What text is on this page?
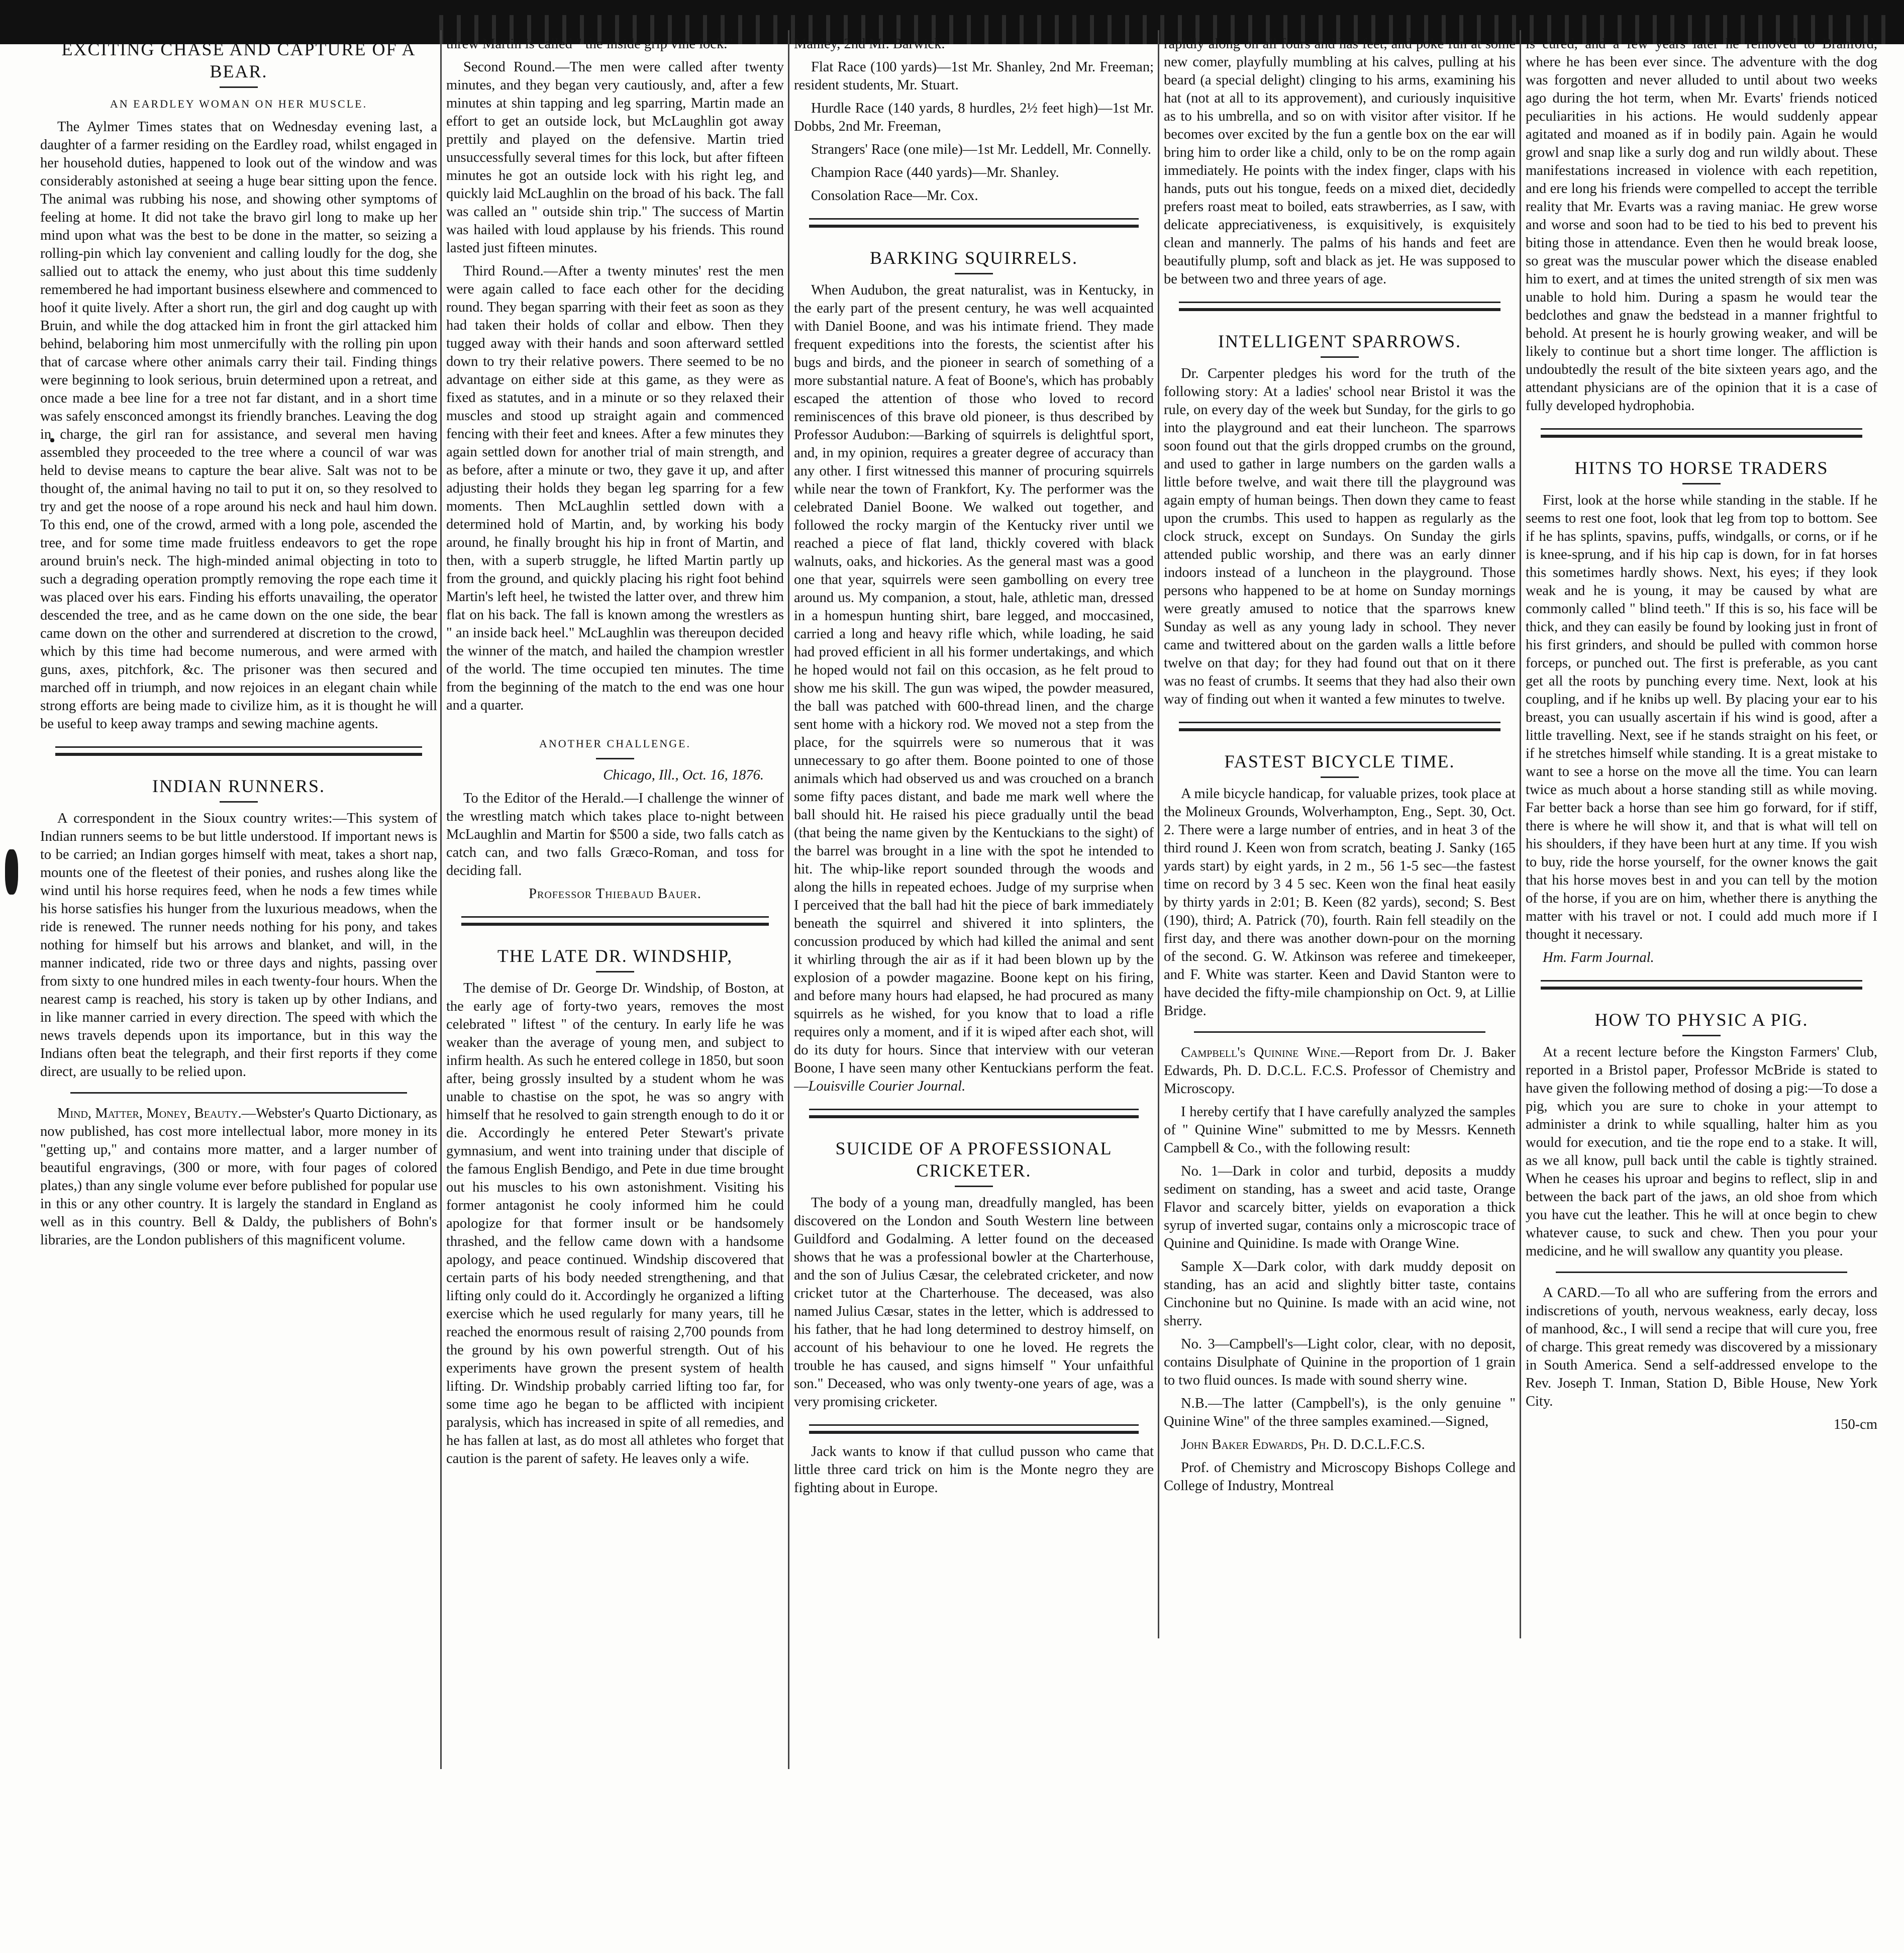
EXCITING CHASE AND CAPTURE OF A BEAR.
AN EARDLEY WOMAN ON HER MUSCLE.

The Aylmer Times states that on Wednesday evening last, a daughter of a farmer residing on the Eardley road, whilst engaged in her household duties, happened to look out of the window and was considerably astonished at seeing a huge bear sitting upon the fence. The animal was rubbing his nose, and showing other symptoms of feeling at home. It did not take the bravo girl long to make up her mind upon what was the best to be done in the matter, so seizing a rolling-pin which lay convenient and calling loudly for the dog, she sallied out to attack the enemy, who just about this time suddenly remembered he had important business elsewhere and commenced to hoof it quite lively. After a short run, the girl and dog caught up with Bruin, and while the dog attacked him in front the girl attacked him behind, belaboring him most unmercifully with the rolling pin upon that of carcase where other animals carry their tail. Finding things were beginning to look serious, bruin determined upon a retreat, and once made a bee line for a tree not far distant, and in a short time was safely ensconced amongst its friendly branches. Leaving the dog in charge, the girl ran for assistance, and several men having assembled they proceeded to the tree where a council of war was held to devise means to capture the bear alive. Salt was not to be thought of, the animal having no tail to put it on, so they resolved to try and get the noose of a rope around his neck and haul him down. To this end, one of the crowd, armed with a long pole, ascended the tree, and for some time made fruitless endeavors to get the rope around bruin's neck. The high-minded animal objecting in toto to such a degrading operation promptly removing the rope each time it was placed over his ears. Finding his efforts unavailing, the operator descended the tree, and as he came down on the one side, the bear came down on the other and surrendered at discretion to the crowd, which by this time had become numerous, and were armed with guns, axes, pitchfork, &c. The prisoner was then secured and marched off in triumph, and now rejoices in an elegant chain while strong efforts are being made to civilize him, as it is thought he will be useful to keep away tramps and sewing machine agents.

INDIAN RUNNERS.

A correspondent in the Sioux country writes:—This system of Indian runners seems to be but little understood. If important news is to be carried; an Indian gorges himself with meat, takes a short nap, mounts one of the fleetest of their ponies, and rushes along like the wind until his horse requires feed, when he nods a few times while his horse satisfies his hunger from the luxurious meadows, when the ride is renewed. The runner needs nothing for his pony, and takes nothing for himself but his arrows and blanket, and will, in the manner indicated, ride two or three days and nights, passing over from sixty to one hundred miles in each twenty-four hours. When the nearest camp is reached, his story is taken up by other Indians, and in like manner carried in every direction. The speed with which the news travels depends upon its importance, but in this way the Indians often beat the telegraph, and their first reports if they come direct, are usually to be relied upon.

Mind, Matter, Money, Beauty.—Webster's Quarto Dictionary, as now published, has cost more intellectual labor, more money in its "getting up," and contains more matter, and a larger number of beautiful engravings, (300 or more, with four pages of colored plates,) than any single volume ever before published for popular use in this or any other country. It is largely the standard in England as well as in this country. Bell & Daldy, the publishers of Bohn's libraries, are the London publishers of this magnificent volume.

threw Martin is called " the inside grip vine lock."

Second Round.—The men were called after twenty minutes, and they began very cautiously, and, after a few minutes at shin tapping and leg sparring, Martin made an effort to get an outside lock, but McLaughlin got away prettily and played on the defensive. Martin tried unsuccessfully several times for this lock, but after fifteen minutes he got an outside lock with his right leg, and quickly laid McLaughlin on the broad of his back. The fall was called an " outside shin trip." The success of Martin was hailed with loud applause by his friends. This round lasted just fifteen minutes.

Third Round.—After a twenty minutes' rest the men were again called to face each other for the deciding round. They began sparring with their feet as soon as they had taken their holds of collar and elbow. Then they tugged away with their hands and soon afterward settled down to try their relative powers. There seemed to be no advantage on either side at this game, as they were as fixed as statutes, and in a minute or so they relaxed their muscles and stood up straight again and commenced fencing with their feet and knees. After a few minutes they again settled down for another trial of main strength, and as before, after a minute or two, they gave it up, and after adjusting their holds they began leg sparring for a few moments. Then McLaughlin settled down with a determined hold of Martin, and, by working his body around, he finally brought his hip in front of Martin, and then, with a superb struggle, he lifted Martin partly up from the ground, and quickly placing his right foot behind Martin's left heel, he twisted the latter over, and threw him flat on his back. The fall is known among the wrestlers as " an inside back heel." McLaughlin was thereupon decided the winner of the match, and hailed the champion wrestler of the world. The time occupied ten minutes. The time from the beginning of the match to the end was one hour and a quarter.

ANOTHER CHALLENGE.
Chicago, Ill., Oct. 16, 1876.

To the Editor of the Herald.—I challenge the winner of the wrestling match which takes place to-night between McLaughlin and Martin for $500 a side, two falls catch as catch can, and two falls Græco-Roman, and toss for deciding fall.

Professor Thiebaud Bauer.
THE LATE DR. WINDSHIP,

The demise of Dr. George Dr. Windship, of Boston, at the early age of forty-two years, removes the most celebrated " liftest " of the century. In early life he was weaker than the average of young men, and subject to infirm health. As such he entered college in 1850, but soon after, being grossly insulted by a student whom he was unable to chastise on the spot, he was so angry with himself that he resolved to gain strength enough to do it or die. Accordingly he entered Peter Stewart's private gymnasium, and went into training under that disciple of the famous English Bendigo, and Pete in due time brought out his muscles to his own astonishment. Visiting his former antagonist he cooly informed him he could apologize for that former insult or be handsomely thrashed, and the fellow came down with a handsome apology, and peace continued. Windship discovered that certain parts of his body needed strengthening, and that lifting only could do it. Accordingly he organized a lifting exercise which he used regularly for many years, till he reached the enormous result of raising 2,700 pounds from the ground by his own powerful strength. Out of his experiments have grown the present system of health lifting. Dr. Windship probably carried lifting too far, for some time ago he began to be afflicted with incipient paralysis, which has increased in spite of all remedies, and he has fallen at last, as do most all athletes who forget that caution is the parent of safety. He leaves only a wife.

Manley, 2nd Mr. Barwick.

Flat Race (100 yards)—1st Mr. Shanley, 2nd Mr. Freeman; resident students, Mr. Stuart.

Hurdle Race (140 yards, 8 hurdles, 2½ feet high)—1st Mr. Dobbs, 2nd Mr. Freeman,

Strangers' Race (one mile)—1st Mr. Leddell, Mr. Connelly.

Champion Race (440 yards)—Mr. Shanley.

Consolation Race—Mr. Cox.

BARKING SQUIRRELS.

When Audubon, the great naturalist, was in Kentucky, in the early part of the present century, he was well acquainted with Daniel Boone, and was his intimate friend. They made frequent expeditions into the forests, the scientist after his bugs and birds, and the pioneer in search of something of a more substantial nature. A feat of Boone's, which has probably escaped the attention of those who loved to record reminiscences of this brave old pioneer, is thus described by Professor Audubon:—Barking of squirrels is delightful sport, and, in my opinion, requires a greater degree of accuracy than any other. I first witnessed this manner of procuring squirrels while near the town of Frankfort, Ky. The performer was the celebrated Daniel Boone. We walked out together, and followed the rocky margin of the Kentucky river until we reached a piece of flat land, thickly covered with black walnuts, oaks, and hickories. As the general mast was a good one that year, squirrels were seen gambolling on every tree around us. My companion, a stout, hale, athletic man, dressed in a homespun hunting shirt, bare legged, and moccasined, carried a long and heavy rifle which, while loading, he said had proved efficient in all his former undertakings, and which he hoped would not fail on this occasion, as he felt proud to show me his skill. The gun was wiped, the powder measured, the ball was patched with 600-thread linen, and the charge sent home with a hickory rod. We moved not a step from the place, for the squirrels were so numerous that it was unnecessary to go after them. Boone pointed to one of those animals which had observed us and was crouched on a branch some fifty paces distant, and bade me mark well where the ball should hit. He raised his piece gradually until the bead (that being the name given by the Kentuckians to the sight) of the barrel was brought in a line with the spot he intended to hit. The whip-like report sounded through the woods and along the hills in repeated echoes. Judge of my surprise when I perceived that the ball had hit the piece of bark immediately beneath the squirrel and shivered it into splinters, the concussion produced by which had killed the animal and sent it whirling through the air as if it had been blown up by the explosion of a powder magazine. Boone kept on his firing, and before many hours had elapsed, he had procured as many squirrels as he wished, for you know that to load a rifle requires only a moment, and if it is wiped after each shot, will do its duty for hours. Since that interview with our veteran Boone, I have seen many other Kentuckians perform the feat.—Louisville Courier Journal.

SUICIDE OF A PROFESSIONAL CRICKETER.

The body of a young man, dreadfully mangled, has been discovered on the London and South Western line between Guildford and Godalming. A letter found on the deceased shows that he was a professional bowler at the Charterhouse, and the son of Julius Cæsar, the celebrated cricketer, and now cricket tutor at the Charterhouse. The deceased, was also named Julius Cæsar, states in the letter, which is addressed to his father, that he had long determined to destroy himself, on account of his behaviour to one he loved. He regrets the trouble he has caused, and signs himself " Your unfaithful son." Deceased, who was only twenty-one years of age, was a very promising cricketer.

Jack wants to know if that cullud pusson who came that little three card trick on him is the Monte negro they are fighting about in Europe.

rapidly along on all fours and has feet, and poke fun at some new comer, playfully mumbling at his calves, pulling at his beard (a special delight) clinging to his arms, examining his hat (not at all to its approvement), and curiously inquisitive as to his umbrella, and so on with visitor after visitor. If he becomes over excited by the fun a gentle box on the ear will bring him to order like a child, only to be on the romp again immediately. He points with the index finger, claps with his hands, puts out his tongue, feeds on a mixed diet, decidedly prefers roast meat to boiled, eats strawberries, as I saw, with delicate appreciativeness, is exquisitively, is exquisitely clean and mannerly. The palms of his hands and feet are beautifully plump, soft and black as jet. He was supposed to be between two and three years of age.

INTELLIGENT SPARROWS.

Dr. Carpenter pledges his word for the truth of the following story: At a ladies' school near Bristol it was the rule, on every day of the week but Sunday, for the girls to go into the playground and eat their luncheon. The sparrows soon found out that the girls dropped crumbs on the ground, and used to gather in large numbers on the garden walls a little before twelve, and wait there till the playground was again empty of human beings. Then down they came to feast upon the crumbs. This used to happen as regularly as the clock struck, except on Sundays. On Sunday the girls attended public worship, and there was an early dinner indoors instead of a luncheon in the playground. Those persons who happened to be at home on Sunday mornings were greatly amused to notice that the sparrows knew Sunday as well as any young lady in school. They never came and twittered about on the garden walls a little before twelve on that day; for they had found out that on it there was no feast of crumbs. It seems that they had also their own way of finding out when it wanted a few minutes to twelve.

FASTEST BICYCLE TIME.

A mile bicycle handicap, for valuable prizes, took place at the Molineux Grounds, Wolverhampton, Eng., Sept. 30, Oct. 2. There were a large number of entries, and in heat 3 of the third round J. Keen won from scratch, beating J. Sanky (165 yards start) by eight yards, in 2 m., 56 1-5 sec—the fastest time on record by 3 4 5 sec. Keen won the final heat easily by thirty yards in 2:01; B. Keen (82 yards), second; S. Best (190), third; A. Patrick (70), fourth. Rain fell steadily on the first day, and there was another down-pour on the morning of the second. G. W. Atkinson was referee and timekeeper, and F. White was starter. Keen and David Stanton were to have decided the fifty-mile championship on Oct. 9, at Lillie Bridge.

Campbell's Quinine Wine.—Report from Dr. J. Baker Edwards, Ph. D. D.C.L. F.C.S. Professor of Chemistry and Microscopy.

I hereby certify that I have carefully analyzed the samples of " Quinine Wine" submitted to me by Messrs. Kenneth Campbell & Co., with the following result:

No. 1—Dark in color and turbid, deposits a muddy sediment on standing, has a sweet and acid taste, Orange Flavor and scarcely bitter, yields on evaporation a thick syrup of inverted sugar, contains only a microscopic trace of Quinine and Quinidine. Is made with Orange Wine.

Sample X—Dark color, with dark muddy deposit on standing, has an acid and slightly bitter taste, contains Cinchonine but no Quinine. Is made with an acid wine, not sherry.

No. 3—Campbell's—Light color, clear, with no deposit, contains Disulphate of Quinine in the proportion of 1 grain to two fluid ounces. Is made with sound sherry wine.

N.B.—The latter (Campbell's), is the only genuine " Quinine Wine" of the three samples examined.—Signed,

John Baker Edwards, Ph. D. D.C.L.F.C.S.

Prof. of Chemistry and Microscopy Bishops College and College of Industry, Montreal

is cured, and a few years later he removed to Branford, where he has been ever since. The adventure with the dog was forgotten and never alluded to until about two weeks ago during the hot term, when Mr. Evarts' friends noticed peculiarities in his actions. He would suddenly appear agitated and moaned as if in bodily pain. Again he would growl and snap like a surly dog and run wildly about. These manifestations increased in violence with each repetition, and ere long his friends were compelled to accept the terrible reality that Mr. Evarts was a raving maniac. He grew worse and worse and soon had to be tied to his bed to prevent his biting those in attendance. Even then he would break loose, so great was the muscular power which the disease enabled him to exert, and at times the united strength of six men was unable to hold him. During a spasm he would tear the bedclothes and gnaw the bedstead in a manner frightful to behold. At present he is hourly growing weaker, and will be likely to continue but a short time longer. The affliction is undoubtedly the result of the bite sixteen years ago, and the attendant physicians are of the opinion that it is a case of fully developed hydrophobia.

HITNS TO HORSE TRADERS

First, look at the horse while standing in the stable. If he seems to rest one foot, look that leg from top to bottom. See if he has splints, spavins, puffs, windgalls, or corns, or if he is knee-sprung, and if his hip cap is down, for in fat horses this sometimes hardly shows. Next, his eyes; if they look weak and he is young, it may be caused by what are commonly called " blind teeth." If this is so, his face will be thick, and they can easily be found by looking just in front of his first grinders, and should be pulled with common horse forceps, or punched out. The first is preferable, as you cant get all the roots by punching every time. Next, look at his coupling, and if he knibs up well. By placing your ear to his breast, you can usually ascertain if his wind is good, after a little travelling. Next, see if he stands straight on his feet, or if he stretches himself while standing. It is a great mistake to want to see a horse on the move all the time. You can learn twice as much about a horse standing still as while moving. Far better back a horse than see him go forward, for if stiff, there is where he will show it, and that is what will tell on his shoulders, if they have been hurt at any time. If you wish to buy, ride the horse yourself, for the owner knows the gait that his horse moves best in and you can tell by the motion of the horse, if you are on him, whether there is anything the matter with his travel or not. I could add much more if I thought it necessary.

Hm. Farm Journal.

HOW TO PHYSIC A PIG.

At a recent lecture before the Kingston Farmers' Club, reported in a Bristol paper, Professor McBride is stated to have given the following method of dosing a pig:—To dose a pig, which you are sure to choke in your attempt to administer a drink to while squalling, halter him as you would for execution, and tie the rope end to a stake. It will, as we all know, pull back until the cable is tightly strained. When he ceases his uproar and begins to reflect, slip in and between the back part of the jaws, an old shoe from which you have cut the leather. This he will at once begin to chew whatever cause, to suck and chew. Then you pour your medicine, and he will swallow any quantity you please.

A CARD.—To all who are suffering from the errors and indiscretions of youth, nervous weakness, early decay, loss of manhood, &c., I will send a recipe that will cure you, free of charge. This great remedy was discovered by a missionary in South America. Send a self-addressed envelope to the Rev. Joseph T. Inman, Station D, Bible House, New York City.

150-cm
